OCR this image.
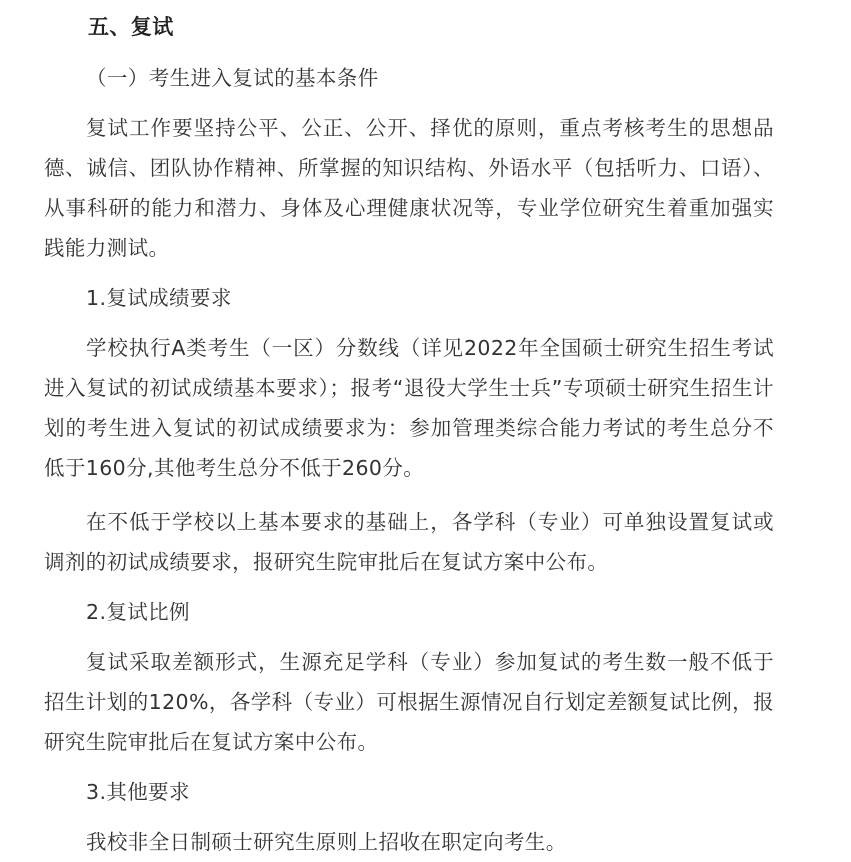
五、复试

（一）考生进入复试的基本条件

复试工作要坚持公平、公正、公开、择优的原则，重点考核考生的思想品德、诚信、团队协作精神、所掌握的知识结构、外语水平（包括听力、口语）、从事科研的能力和潜力、身体及心理健康状况等，专业学位研究生着重加强实践能力测试。

1.复试成绩要求

学校执行A类考生（一区）分数线（详见2022年全国硕士研究生招生考试进入复试的初试成绩基本要求）；报考“退役大学生士兵”专项硕士研究生招生计划的考生进入复试的初试成绩要求为：参加管理类综合能力考试的考生总分不低于160分,其他考生总分不低于260分。

在不低于学校以上基本要求的基础上，各学科（专业）可单独设置复试或调剂的初试成绩要求，报研究生院审批后在复试方案中公布。

2.复试比例

复试采取差额形式，生源充足学科（专业）参加复试的考生数一般不低于招生计划的120%，各学科（专业）可根据生源情况自行划定差额复试比例，报研究生院审批后在复试方案中公布。

3.其他要求

我校非全日制硕士研究生原则上招收在职定向考生。
